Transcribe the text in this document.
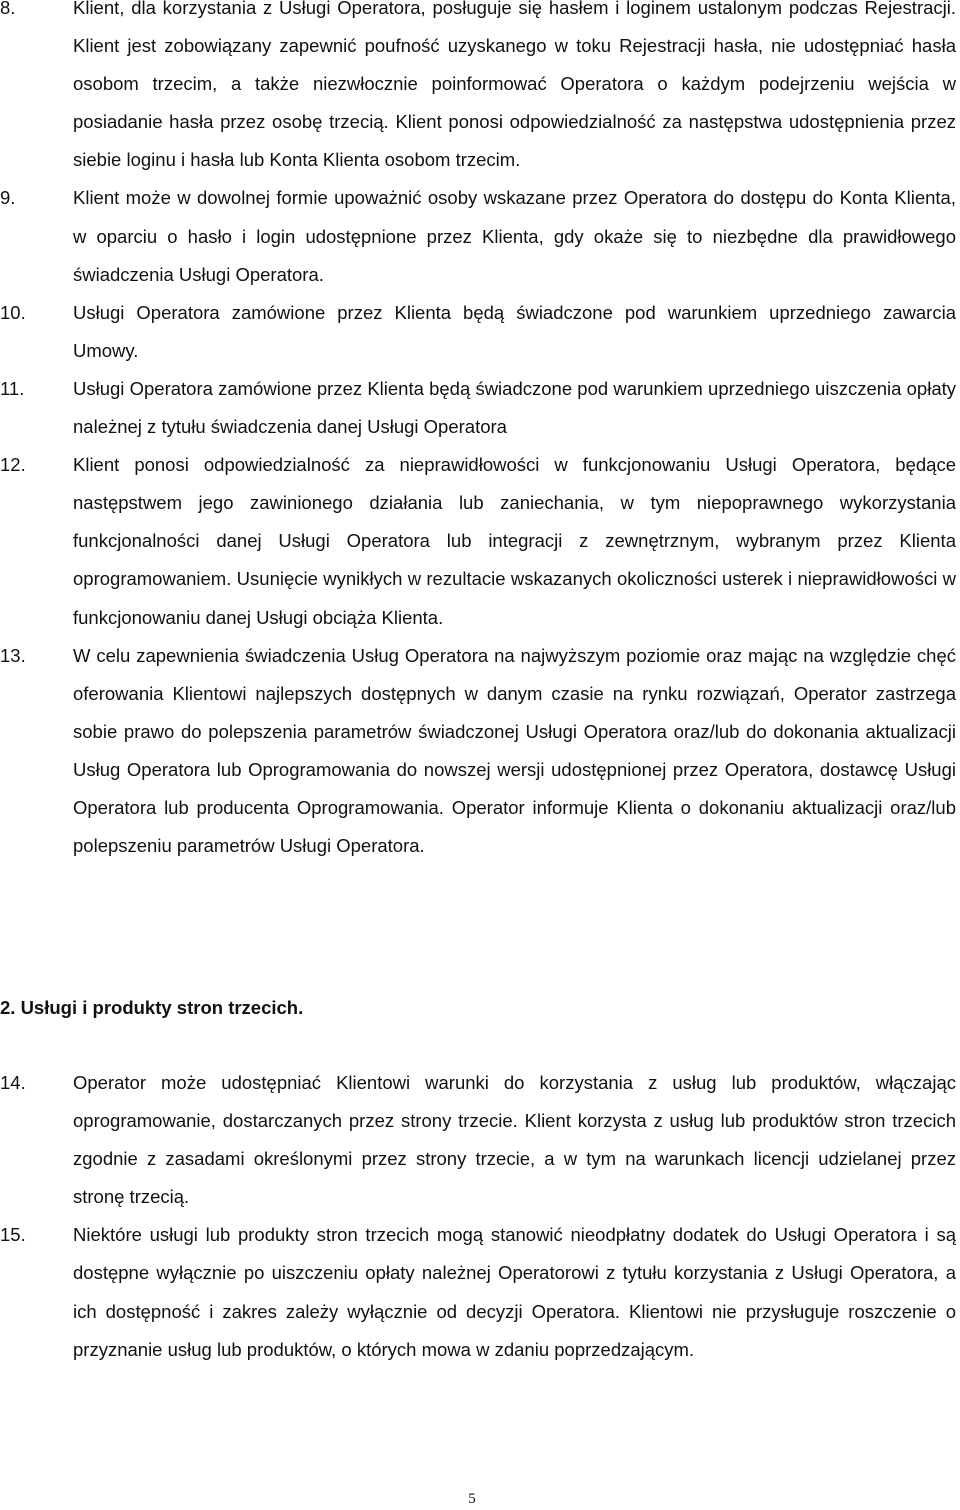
8.	Klient, dla korzystania z Usługi Operatora, posługuje się hasłem i loginem ustalonym podczas Rejestracji. Klient jest zobowiązany zapewnić poufność uzyskanego w toku Rejestracji hasła, nie udostępniać hasła osobom trzecim, a także niezwłocznie poinformować Operatora o każdym podejrzeniu wejścia w posiadanie hasła przez osobę trzecią. Klient ponosi odpowiedzialność za następstwa udostępnienia przez siebie loginu i hasła lub Konta Klienta osobom trzecim.
9.	Klient może w dowolnej formie upoważnić osoby wskazane przez Operatora do dostępu do Konta Klienta, w oparciu o hasło i login udostępnione przez Klienta, gdy okaże się to niezbędne dla prawidłowego świadczenia Usługi Operatora.
10.	Usługi Operatora zamówione przez Klienta będą świadczone pod warunkiem uprzedniego zawarcia Umowy.
11.	Usługi Operatora zamówione przez Klienta będą świadczone pod warunkiem uprzedniego uiszczenia opłaty należnej z tytułu świadczenia danej Usługi Operatora
12.	Klient ponosi odpowiedzialność za nieprawidłowości w funkcjonowaniu Usługi Operatora, będące następstwem jego zawinionego działania lub zaniechania, w tym niepoprawnego wykorzystania funkcjonalności danej Usługi Operatora lub integracji z zewnętrznym, wybranym przez Klienta oprogramowaniem. Usunięcie wynikłych w rezultacie wskazanych okoliczności usterek i nieprawidłowości w funkcjonowaniu danej Usługi obciąża Klienta.
13.	W celu zapewnienia świadczenia Usług Operatora na najwyższym poziomie oraz mając na względzie chęć oferowania Klientowi najlepszych dostępnych w danym czasie na rynku rozwiązań, Operator zastrzega sobie prawo do polepszenia parametrów świadczonej Usługi Operatora oraz/lub do dokonania aktualizacji Usług Operatora lub Oprogramowania do nowszej wersji udostępnionej przez Operatora, dostawcę Usługi Operatora lub producenta Oprogramowania. Operator informuje Klienta o dokonaniu aktualizacji oraz/lub polepszeniu parametrów Usługi Operatora.
2. Usługi i produkty stron trzecich.
14.	Operator może udostępniać Klientowi warunki do korzystania z usług lub produktów, włączając oprogramowanie, dostarczanych przez strony trzecie. Klient korzysta z usług lub produktów stron trzecich zgodnie z zasadami określonymi przez strony trzecie, a w tym na warunkach licencji udzielanej przez stronę trzecią.
15.	Niektóre usługi lub produkty stron trzecich mogą stanowić nieodpłatny dodatek do Usługi Operatora i są dostępne wyłącznie po uiszczeniu opłaty należnej Operatorowi z tytułu korzystania z Usługi Operatora, a ich dostępność i zakres zależy wyłącznie od decyzji Operatora. Klientowi nie przysługuje roszczenie o przyznanie usług lub produktów, o których mowa w zdaniu poprzedzającym.
5
